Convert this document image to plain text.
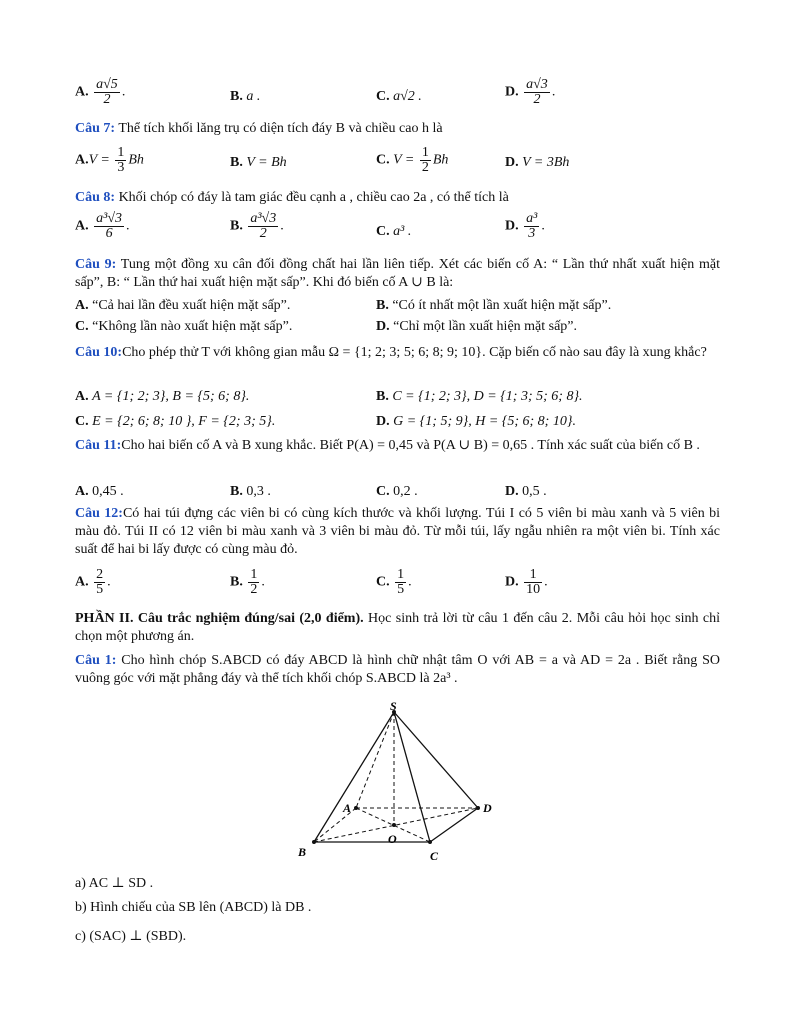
A. $\frac{a√5}{2}$ .	B. a .	C. a√2 .	D. $\frac{a√3}{2}$ .
Câu 7: Thể tích khối lăng trụ có diện tích đáy B và chiều cao h là
$A.V = \frac{1}{3}$ Bh	B. V = Bh	C. $V = \frac{1}{2}$ Bh	D. V = 3Bh
Câu 8: Khối chóp có đáy là tam giác đều cạnh a , chiều cao 2a , có thể tích là
A. $\frac{\text{a³√3}}{6}$ .	B. $\frac{\text{a³√3}}{2}$ .	C. a³ .	D. $\frac{\text{a³}}{3}$ .
Câu 9: Tung một đồng xu cân đối đồng chất hai lần liên tiếp. Xét các biến cố A: “ Lần thứ nhất xuất hiện mặt sấp”, B: “ Lần thứ hai xuất hiện mặt sấp”. Khi đó biến cố A ∪ B là:
A. “Cả hai lần đều xuất hiện mặt sấp”.	B. “Có ít nhất một lần xuất hiện mặt sấp”.
C. “Không lần nào xuất hiện mặt sấp”.	D. “Chỉ một lần xuất hiện mặt sấp”.
Câu 10:Cho phép thử T với không gian mẫu Ω = {1; 2; 3; 5; 6; 8; 9; 10}. Cặp biến cố nào sau đây là xung khắc?
A. A = {1; 2; 3}, B = {5; 6; 8}.	B. C = {1; 2; 3}, D = {1; 3; 5; 6; 8}.
C. E = {2; 6; 8; 10 }, F = {2; 3; 5}.	D. G = {1; 5; 9}, H = {5; 6; 8; 10}.
Câu 11:Cho hai biến cố A và B xung khắc. Biết P(A) = 0,45 và P(A ∪ B) = 0,65 . Tính xác suất của biến cố B .
A. 0,45 .	B. 0,3 .	C. 0,2 .	D. 0,5 .
Câu 12:Có hai túi đựng các viên bi có cùng kích thước và khối lượng. Túi I có 5 viên bi màu xanh và 5 viên bi màu đỏ. Túi II có 12 viên bi màu xanh và 3 viên bi màu đỏ. Từ mỗi túi, lấy ngẫu nhiên ra một viên bi. Tính xác suất để hai bi lấy được có cùng màu đỏ.
A. $\frac{2}{5}$ .	B. $\frac{1}{2}$ .	C. $\frac{1}{5}$ .	D. $\frac{1}{10}$ .
PHẦN II. Câu trắc nghiệm đúng/sai (2,0 điểm). Học sinh trả lời từ câu 1 đến câu 2. Mỗi câu hỏi học sinh chỉ chọn một phương án.
Câu 1: Cho hình chóp S.ABCD có đáy ABCD là hình chữ nhật tâm O với AB = a và AD = 2a . Biết rằng SO vuông góc với mặt phẳng đáy và thể tích khối chóp S.ABCD là 2a³ .
S
A
B	C
D
O
a) AC ⊥ SD .
b) Hình chiếu của SB lên (ABCD) là DB .
c) (SAC) ⊥ (SBD).
